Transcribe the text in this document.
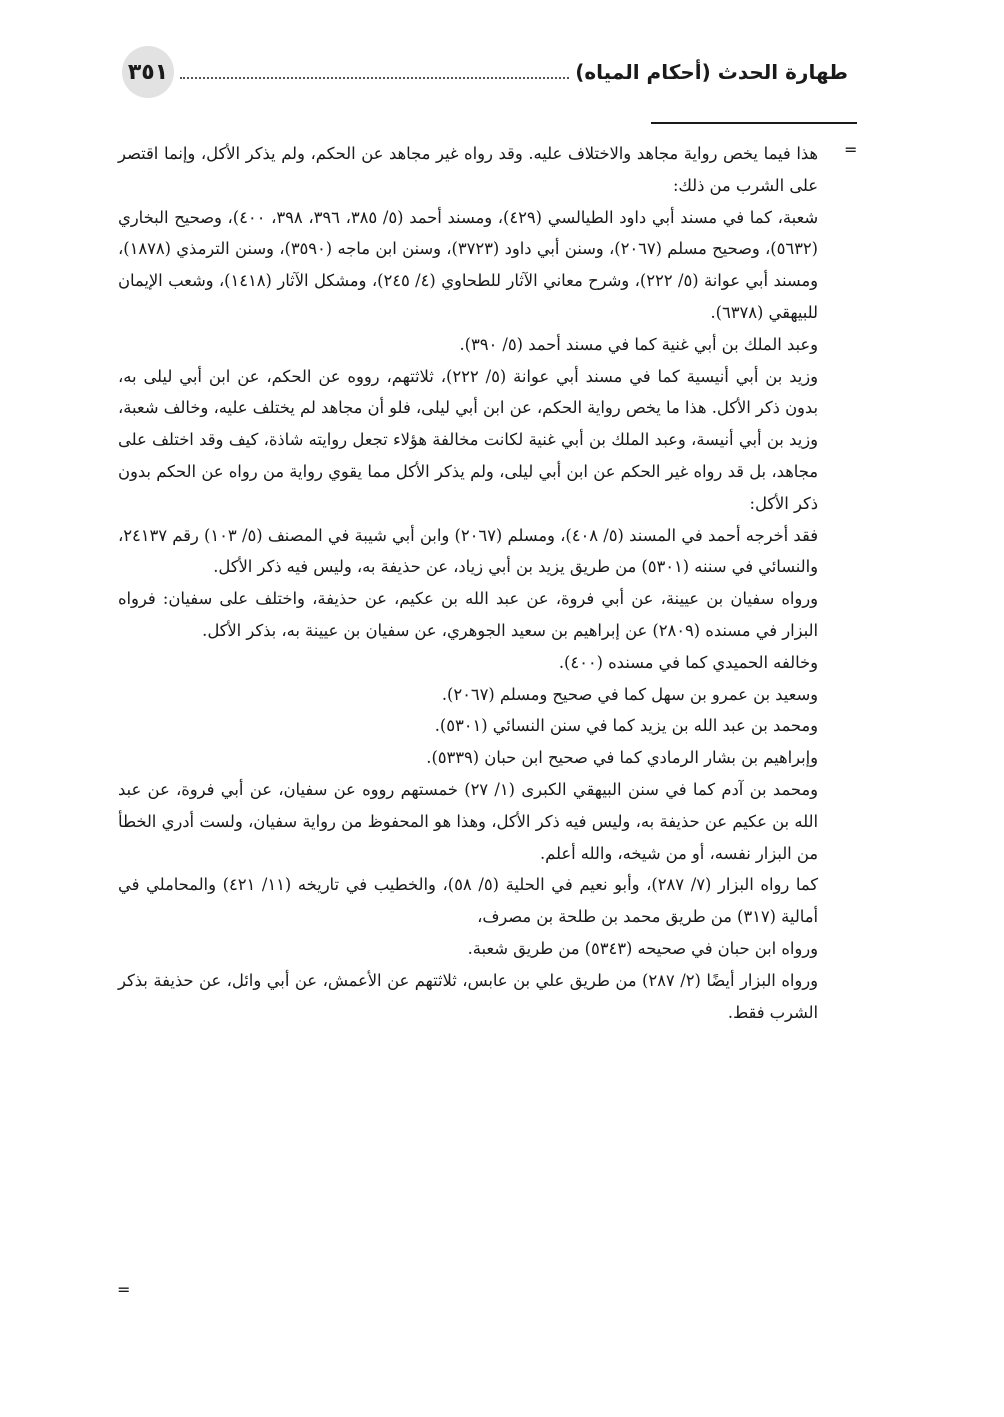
٣٥١	طهارة الحدث (أحكام المياه)
=

هذا فيما يخص رواية مجاهد والاختلاف عليه. وقد رواه غير مجاهد عن الحكم، ولم يذكر الأكل، وإنما اقتصر على الشرب من ذلك:

شعبة، كما في مسند أبي داود الطيالسي (٤٢٩)، ومسند أحمد (٥/ ٣٨٥، ٣٩٦، ٣٩٨، ٤٠٠)، وصحيح البخاري (٥٦٣٢)، وصحيح مسلم (٢٠٦٧)، وسنن أبي داود (٣٧٢٣)، وسنن ابن ماجه (٣٥٩٠)، وسنن الترمذي (١٨٧٨)، ومسند أبي عوانة (٥/ ٢٢٢)، وشرح معاني الآثار للطحاوي (٤/ ٢٤٥)، ومشكل الآثار (١٤١٨)، وشعب الإيمان للبيهقي (٦٣٧٨).

وعبد الملك بن أبي غنية كما في مسند أحمد (٥/ ٣٩٠).

وزيد بن أبي أنيسية كما في مسند أبي عوانة (٥/ ٢٢٢)، ثلاثتهم، رووه عن الحكم، عن ابن أبي ليلى به، بدون ذكر الأكل. هذا ما يخص رواية الحكم، عن ابن أبي ليلى، فلو أن مجاهد لم يختلف عليه، وخالف شعبة، وزيد بن أبي أنيسة، وعبد الملك بن أبي غنية لكانت مخالفة هؤلاء تجعل روايته شاذة، كيف وقد اختلف على مجاهد، بل قد رواه غير الحكم عن ابن أبي ليلى، ولم يذكر الأكل مما يقوي رواية من رواه عن الحكم بدون ذكر الأكل:

فقد أخرجه أحمد في المسند (٥/ ٤٠٨)، ومسلم (٢٠٦٧) وابن أبي شيبة في المصنف (٥/ ١٠٣) رقم ٢٤١٣٧، والنسائي في سننه (٥٣٠١) من طريق يزيد بن أبي زياد، عن حذيفة به، وليس فيه ذكر الأكل.

ورواه سفيان بن عيينة، عن أبي فروة، عن عبد الله بن عكيم، عن حذيفة، واختلف على سفيان: فرواه البزار في مسنده (٢٨٠٩) عن إبراهيم بن سعيد الجوهري، عن سفيان بن عيينة به، بذكر الأكل.

وخالفه الحميدي كما في مسنده (٤٠٠).

وسعيد بن عمرو بن سهل كما في صحيح ومسلم (٢٠٦٧).

ومحمد بن عبد الله بن يزيد كما في سنن النسائي (٥٣٠١).

وإبراهيم بن بشار الرمادي كما في صحيح ابن حبان (٥٣٣٩).

ومحمد بن آدم كما في سنن البيهقي الكبرى (١/ ٢٧) خمستهم رووه عن سفيان، عن أبي فروة، عن عبد الله بن عكيم عن حذيفة به، وليس فيه ذكر الأكل، وهذا هو المحفوظ من رواية سفيان، ولست أدري الخطأ من البزار نفسه، أو من شيخه، والله أعلم.

كما رواه البزار (٧/ ٢٨٧)، وأبو نعيم في الحلية (٥/ ٥٨)، والخطيب في تاريخه (١١/ ٤٢١) والمحاملي في أمالية (٣١٧) من طريق محمد بن طلحة بن مصرف،

ورواه ابن حبان في صحيحه (٥٣٤٣) من طريق شعبة.

ورواه البزار أيضًا (٢/ ٢٨٧) من طريق علي بن عابس، ثلاثتهم عن الأعمش، عن أبي وائل، عن حذيفة بذكر الشرب فقط.

=
